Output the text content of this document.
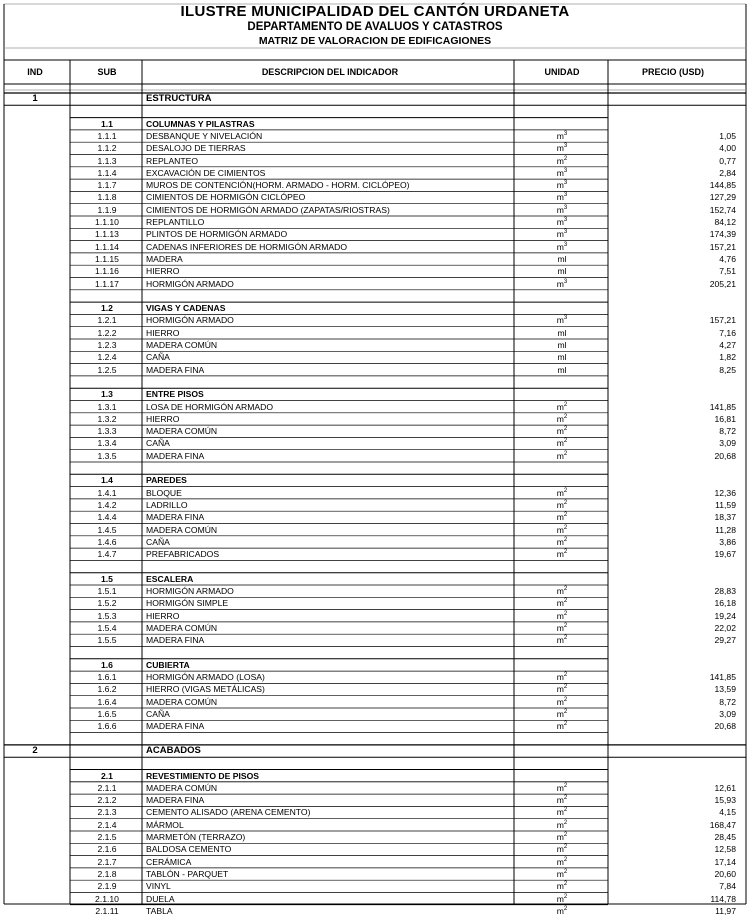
ILUSTRE MUNICIPALIDAD DEL CANTÓN URDANETA
DEPARTAMENTO DE AVALUOS Y CATASTROS
MATRIZ DE VALORACION DE EDIFICAGIONES
IND	SUB	DESCRIPCION DEL INDICADOR	UNIDAD	PRECIO (USD)
1	ESTRUCTURA
1.1	COLUMNAS Y PILASTRAS
1.1.1	DESBANQUE Y NIVELACIÓN	$m^3$	1,05
1.1.2	DESALOJO DE TIERRAS	$m^3$	4,00
1.1.3	REPLANTEO	$m^2$	0,77
1.1.4	EXCAVACIÓN DE CIMIENTOS	$m^3$	2,84
1.1.7	MUROS DE CONTENCIÓN(HORM. ARMADO - HORM. CICLÓPEO)	$m^3$	144,85
1.1.8	CIMIENTOS DE HORMIGÓN CICLÓPEO	$m^3$	127,29
1.1.9	CIMIENTOS DE HORMIGÓN ARMADO (ZAPATAS/RIOSTRAS)	$m^3$	152,74
1.1.10	REPLANTILLO	$m^3$	84,12
1.1.13	PLINTOS DE HORMIGÓN ARMADO	$m^3$	174,39
1.1.14	CADENAS INFERIORES DE HORMIGÓN ARMADO	$m^3$	157,21
1.1.15	MADERA	ml	4,76
1.1.16	HIERRO	ml	7,51
1.1.17	HORMIGÓN ARMADO	$m^3$	205,21
1.2	VIGAS Y CADENAS
1.2.1	HORMIGÓN ARMADO	$m^3$	157,21
1.2.2	HIERRO	ml	7,16
1.2.3	MADERA COMÚN	ml	4,27
1.2.4	CAÑA	ml	1,82
1.2.5	MADERA FINA	ml	8,25
1.3	ENTRE PISOS
1.3.1	LOSA DE HORMIGÓN ARMADO	$m^2$	141,85
1.3.2	HIERRO	$m^2$	16,81
1.3.3	MADERA COMÚN	$m^2$	8,72
1.3.4	CAÑA	$m^2$	3,09
1.3.5	MADERA FINA	$m^2$	20,68
1.4	PAREDES
1.4.1	BLOQUE	$m^2$	12,36
1.4.2	LADRILLO	$m^2$	11,59
1.4.4	MADERA FINA	$m^2$	18,37
1.4.5	MADERA COMÚN	$m^2$	11,28
1.4.6	CAÑA	$m^2$	3,86
1.4.7	PREFABRICADOS	$m^2$	19,67
1.5	ESCALERA
1.5.1	HORMIGÓN ARMADO	$m^2$	28,83
1.5.2	HORMIGÓN SIMPLE	$m^2$	16,18
1.5.3	HIERRO	$m^2$	19,24
1.5.4	MADERA COMÚN	$m^2$	22,02
1.5.5	MADERA FINA	$m^2$	29,27
1.6	CUBIERTA
1.6.1	HORMIGÓN ARMADO (LOSA)	$m^2$	141,85
1.6.2	HIERRO (VIGAS METÁLICAS)	$m^2$	13,59
1.6.4	MADERA COMÚN	$m^2$	8,72
1.6.5	CAÑA	$m^2$	3,09
1.6.6	MADERA FINA	$m^2$	20,68
2	ACABADOS
2.1	REVESTIMIENTO DE PISOS
2.1.1	MADERA COMÚN	$m^2$	12,61
2.1.2	MADERA FINA	$m^2$	15,93
2.1.3	CEMENTO ALISADO (ARENA CEMENTO)	$m^2$	4,15
2.1.4	MÁRMOL	$m^2$	168,47
2.1.5	MARMETÓN (TERRAZO)	$m^2$	28,45
2.1.6	BALDOSA CEMENTO	$m^2$	12,58
2.1.7	CERÁMICA	$m^2$	17,14
2.1.8	TABLÓN - PARQUET	$m^2$	20,60
2.1.9	VINYL	$m^2$	7,84
2.1.10	DUELA	$m^2$	114,78
2.1.11	TABLA	$m^2$	11,97
